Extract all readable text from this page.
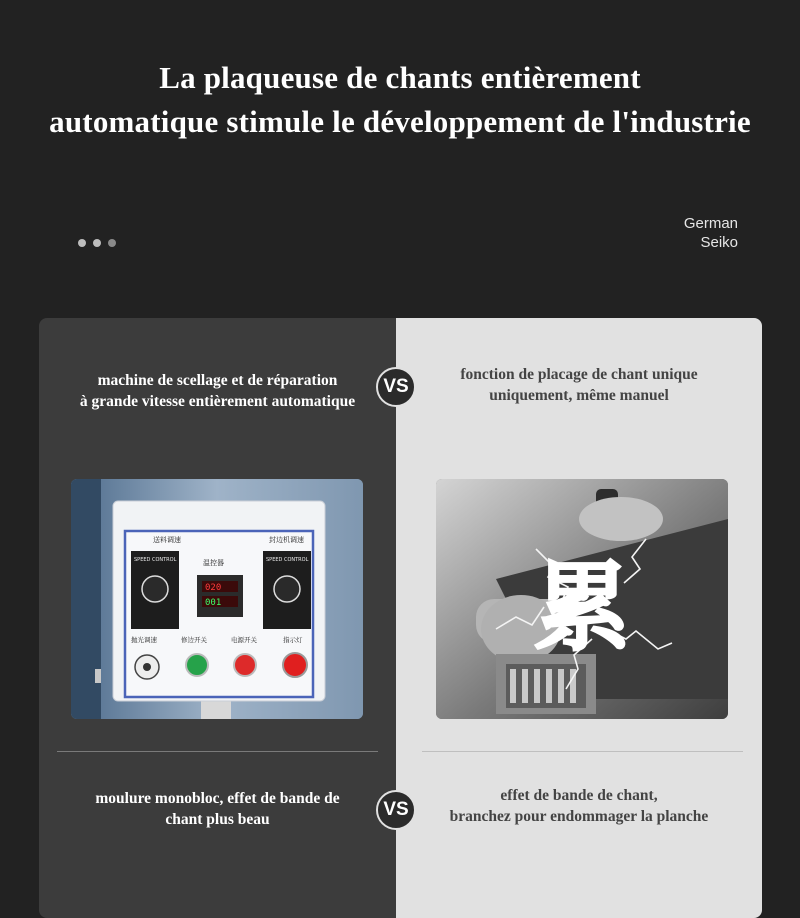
La plaqueuse de chants entièrement
automatique stimule le développement de l'industrie
German
Seiko
machine de scellage et de réparation
à grande vitesse entièrement automatique
送料调速
温控器
封边机调速
SPEED CONTROL	SPEED CONTROL
020
001
抛光调速	修边开关	电源开关	指示灯
moulure monobloc, effet de bande de
chant plus beau
fonction de placage de chant unique
uniquement, même manuel
累
effet de bande de chant,
branchez pour endommager la planche
VS
VS
